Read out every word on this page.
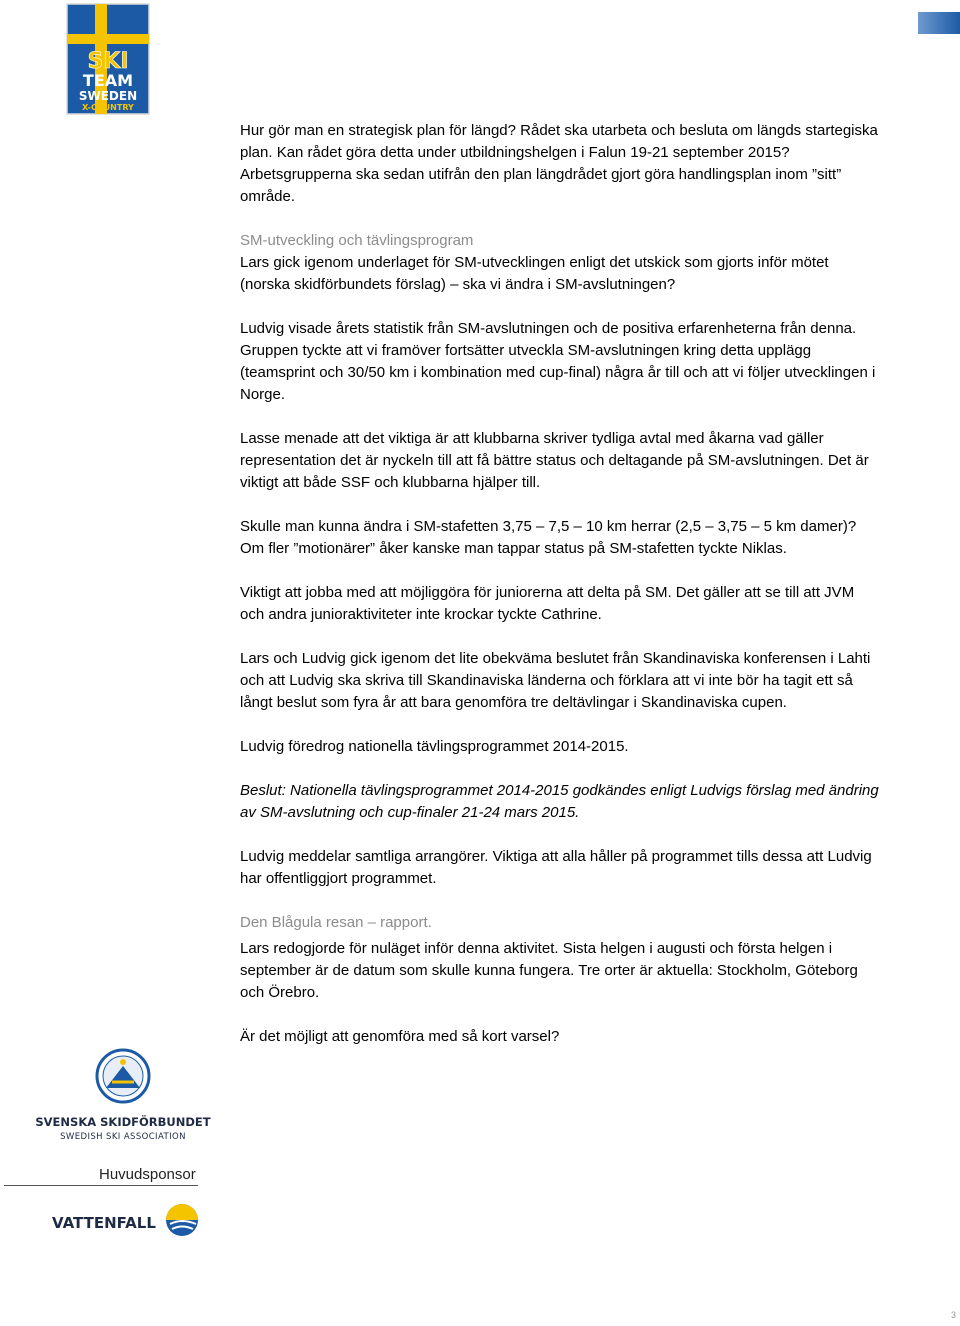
SKI
TEAM
SWEDEN
X-COUNTRY

Hur gör man en strategisk plan för längd? Rådet ska utarbeta och besluta om längds startegiska plan. Kan rådet göra detta under utbildningshelgen i Falun 19-21 september 2015? Arbetsgrupperna ska sedan utifrån den plan längdrådet gjort göra handlingsplan inom ”sitt” område.

SM-utveckling och tävlingsprogram

Lars gick igenom underlaget för SM-utvecklingen enligt det utskick som gjorts inför mötet (norska skidförbundets förslag) – ska vi ändra i SM-avslutningen?

Ludvig visade årets statistik från SM-avslutningen och de positiva erfarenheterna från denna. Gruppen tyckte att vi framöver fortsätter utveckla SM-avslutningen kring detta upplägg (teamsprint och 30/50 km i kombination med cup-final) några år till och att vi följer utvecklingen i Norge.

Lasse menade att det viktiga är att klubbarna skriver tydliga avtal med åkarna vad gäller representation det är nyckeln till att få bättre status och deltagande på SM-avslutningen. Det är viktigt att både SSF och klubbarna hjälper till.

Skulle man kunna ändra i SM-stafetten 3,75 – 7,5 – 10 km herrar (2,5 – 3,75 – 5 km damer)? Om fler ”motionärer” åker kanske man tappar status på SM-stafetten tyckte Niklas.

Viktigt att jobba med att möjliggöra för juniorerna att delta på SM. Det gäller att se till att JVM och andra junioraktiviteter inte krockar tyckte Cathrine.

Lars och Ludvig gick igenom det lite obekväma beslutet från Skandinaviska konferensen i Lahti och att Ludvig ska skriva till Skandinaviska länderna och förklara att vi inte bör ha tagit ett så långt beslut som fyra år att bara genomföra tre deltävlingar i Skandinaviska cupen.

Ludvig föredrog nationella tävlingsprogrammet 2014-2015.

Beslut: Nationella tävlingsprogrammet 2014-2015 godkändes enligt Ludvigs förslag med ändring av SM-avslutning och cup-finaler 21-24 mars 2015.

Ludvig meddelar samtliga arrangörer. Viktiga att alla håller på programmet tills dessa att Ludvig har offentliggjort programmet.

Den Blågula resan – rapport.

Lars redogjorde för nuläget inför denna aktivitet. Sista helgen i augusti och första helgen i september är de datum som skulle kunna fungera. Tre orter är aktuella: Stockholm, Göteborg och Örebro.

Är det möjligt att genomföra med så kort varsel?

SVENSKA SKIDFÖRBUNDET
SWEDISH SKI ASSOCIATION
Huvudsponsor
VATTENFALL
3
